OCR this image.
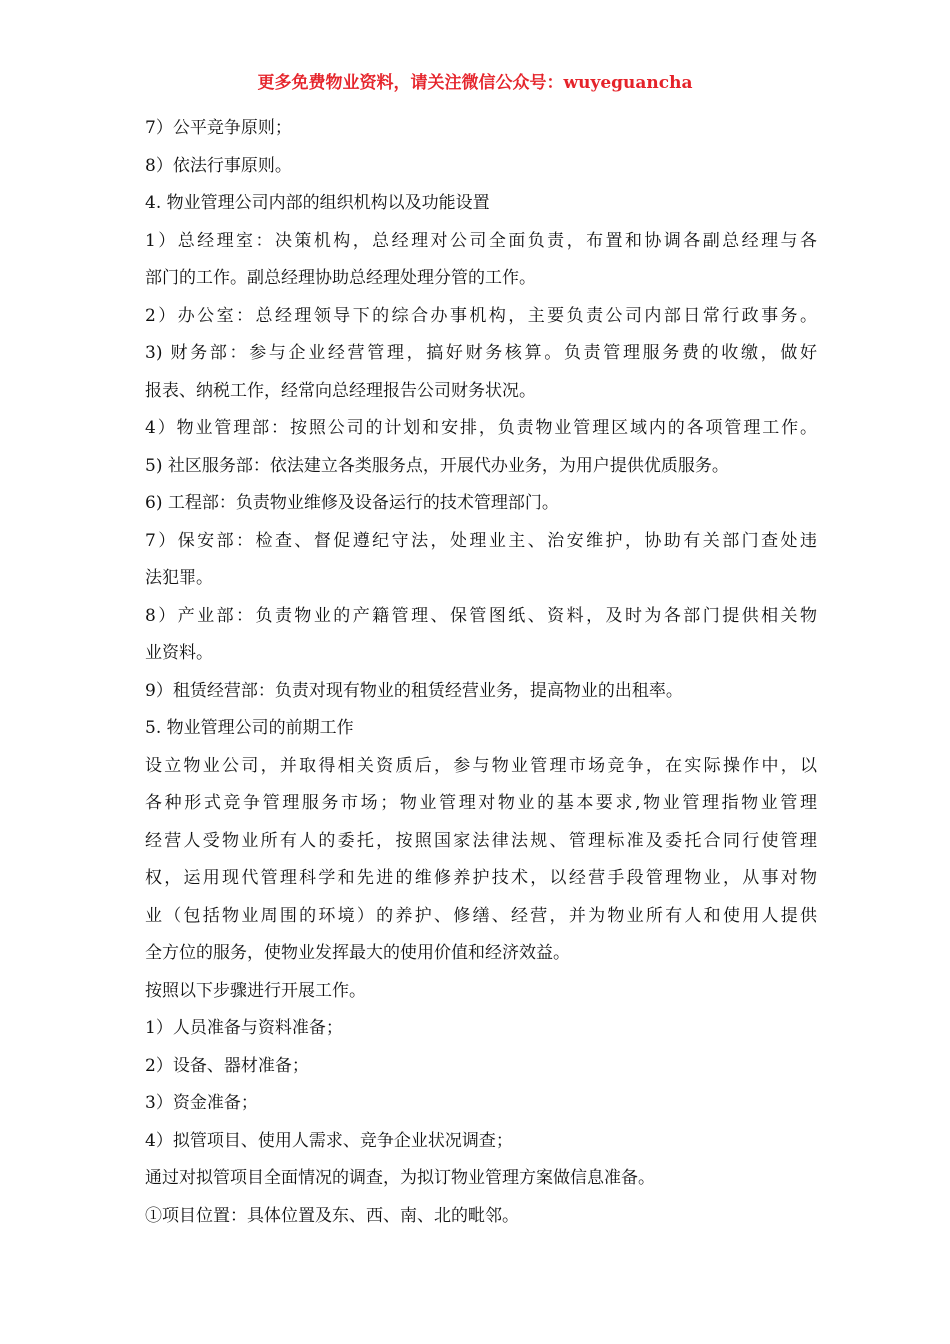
更多免费物业资料，请关注微信公众号：wuyeguancha
7）公平竞争原则；
8）依法行事原则。
4. 物业管理公司内部的组织机构以及功能设置
1）总经理室：决策机构，总经理对公司全面负责，布置和协调各副总经理与各
部门的工作。副总经理协助总经理处理分管的工作。
2）办公室：总经理领导下的综合办事机构，主要负责公司内部日常行政事务。
3) 财务部：参与企业经营管理，搞好财务核算。负责管理服务费的收缴，做好
报表、纳税工作，经常向总经理报告公司财务状况。
4）物业管理部：按照公司的计划和安排，负责物业管理区域内的各项管理工作。
5) 社区服务部：依法建立各类服务点，开展代办业务，为用户提供优质服务。
6) 工程部：负责物业维修及设备运行的技术管理部门。
7）保安部：检查、督促遵纪守法，处理业主、治安维护，协助有关部门查处违
法犯罪。
8）产业部：负责物业的产籍管理、保管图纸、资料，及时为各部门提供相关物
业资料。
9）租赁经营部：负责对现有物业的租赁经营业务，提高物业的出租率。
5. 物业管理公司的前期工作
设立物业公司，并取得相关资质后，参与物业管理市场竞争，在实际操作中，以
各种形式竞争管理服务市场；物业管理对物业的基本要求,物业管理指物业管理
经营人受物业所有人的委托，按照国家法律法规、管理标准及委托合同行使管理
权，运用现代管理科学和先进的维修养护技术，以经营手段管理物业，从事对物
业（包括物业周围的环境）的养护、修缮、经营，并为物业所有人和使用人提供
全方位的服务，使物业发挥最大的使用价值和经济效益。
按照以下步骤进行开展工作。
1）人员准备与资料准备；
2）设备、器材准备；
3）资金准备；
4）拟管项目、使用人需求、竞争企业状况调查；
通过对拟管项目全面情况的调查，为拟订物业管理方案做信息准备。
①项目位置：具体位置及东、西、南、北的毗邻。
